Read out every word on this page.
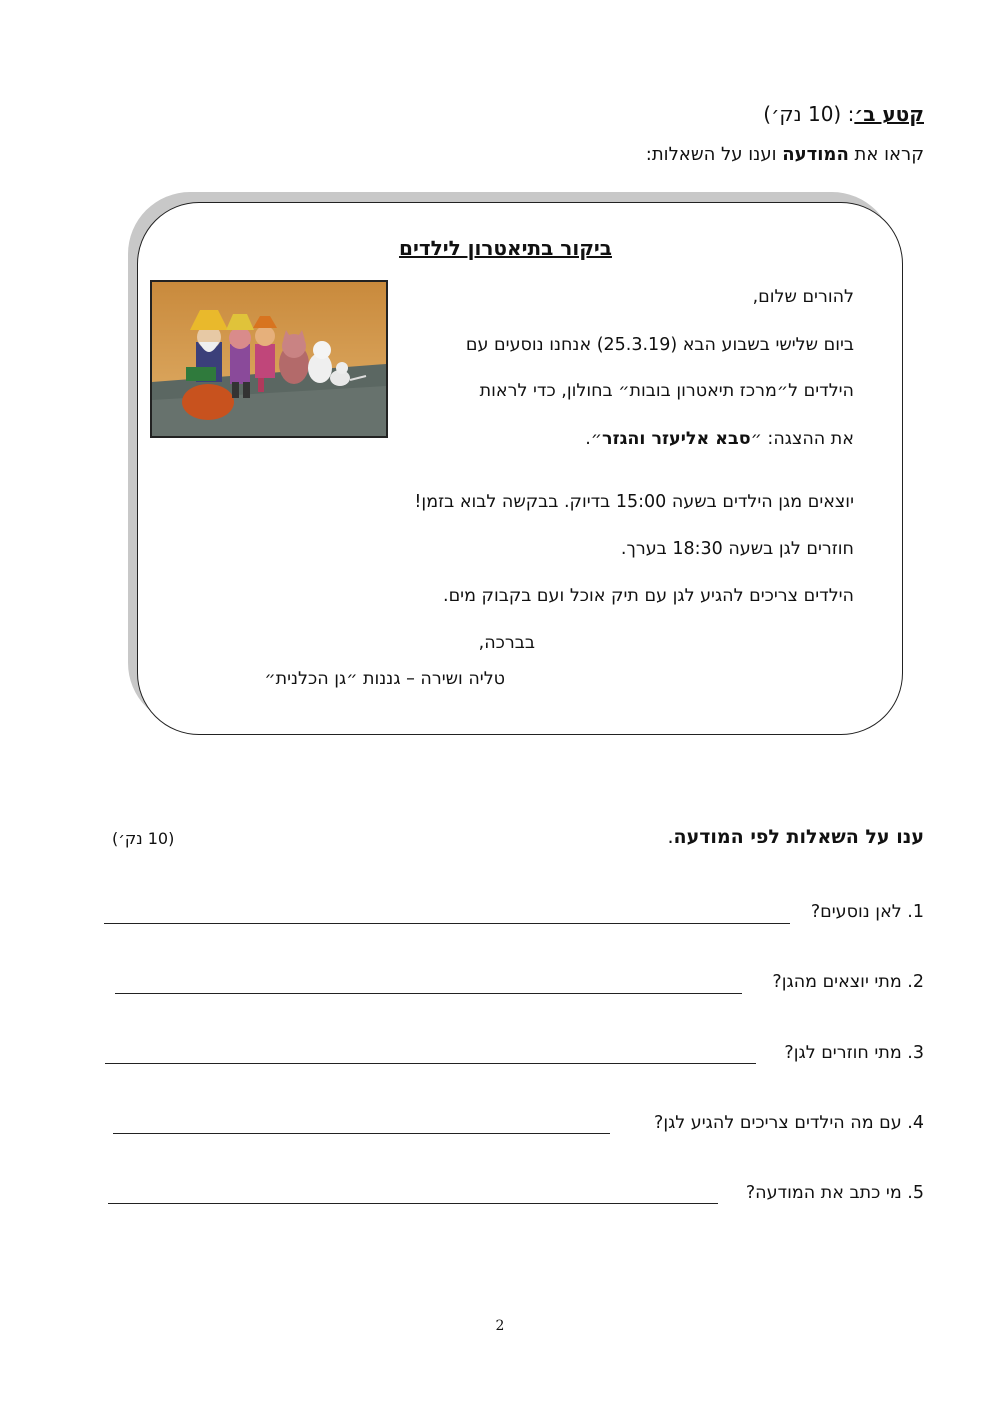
קטע ב׳: (10 נק׳)
קראו את המודעה וענו על השאלות:
ביקור בתיאטרון לילדים
להורים שלום,
ביום שלישי בשבוע הבא (25.3.19) אנחנו נוסעים עם
הילדים ל״מרכז תיאטרון בובות״ בחולון, כדי לראות
את ההצגה: ״סבא אליעזר והגזר״.
יוצאים מגן הילדים בשעה 15:00 בדיוק. בבקשה לבוא בזמן!
חוזרים לגן בשעה 18:30 בערך.
הילדים צריכים להגיע לגן עם תיק אוכל ועם בקבוק מים.
בברכה,
טליה ושירה – גננות ״גן הכלנית״
ענו על השאלות לפי המודעה.
(10 נק׳)
1. לאן נוסעים?
2. מתי יוצאים מהגן?
3. מתי חוזרים לגן?
4. עם מה הילדים צריכים להגיע לגן?
5. מי כתב את המודעה?
2
